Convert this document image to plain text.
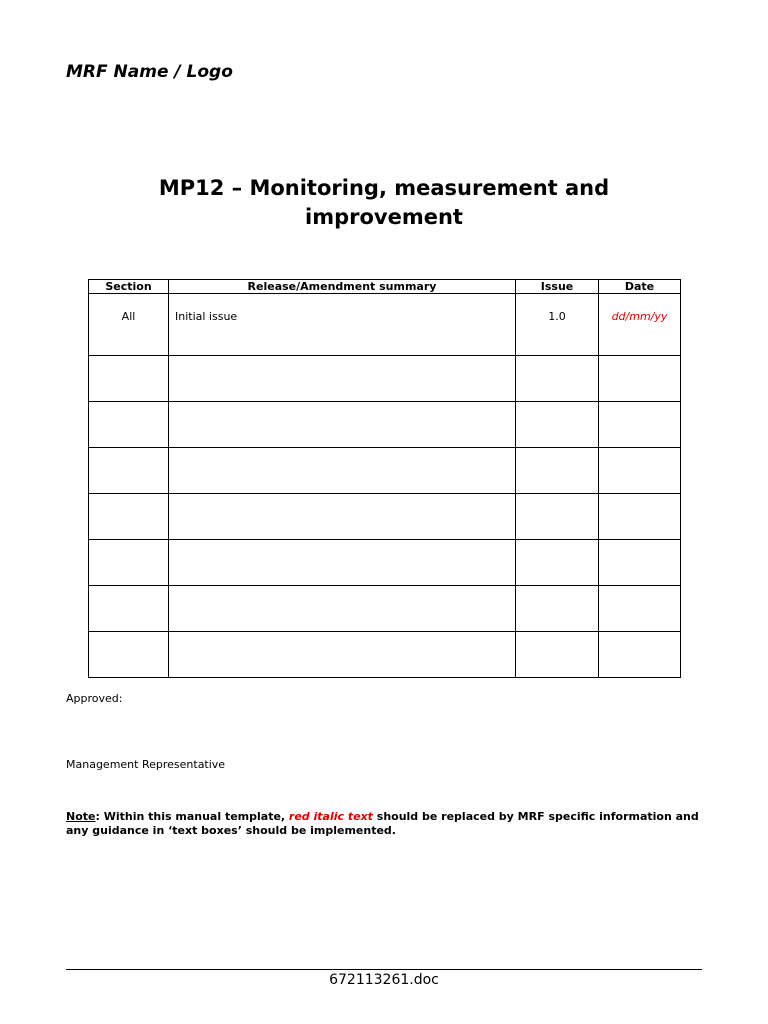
MRF Name / Logo
MP12 – Monitoring, measurement and
improvement
Section	Release/Amendment summary	Issue	Date
All	Initial issue	1.0	dd/mm/yy

Approved:
Management Representative
Note: Within this manual template, red italic text should be replaced by MRF specific information and any guidance in ‘text boxes’ should be implemented.
672113261.doc
